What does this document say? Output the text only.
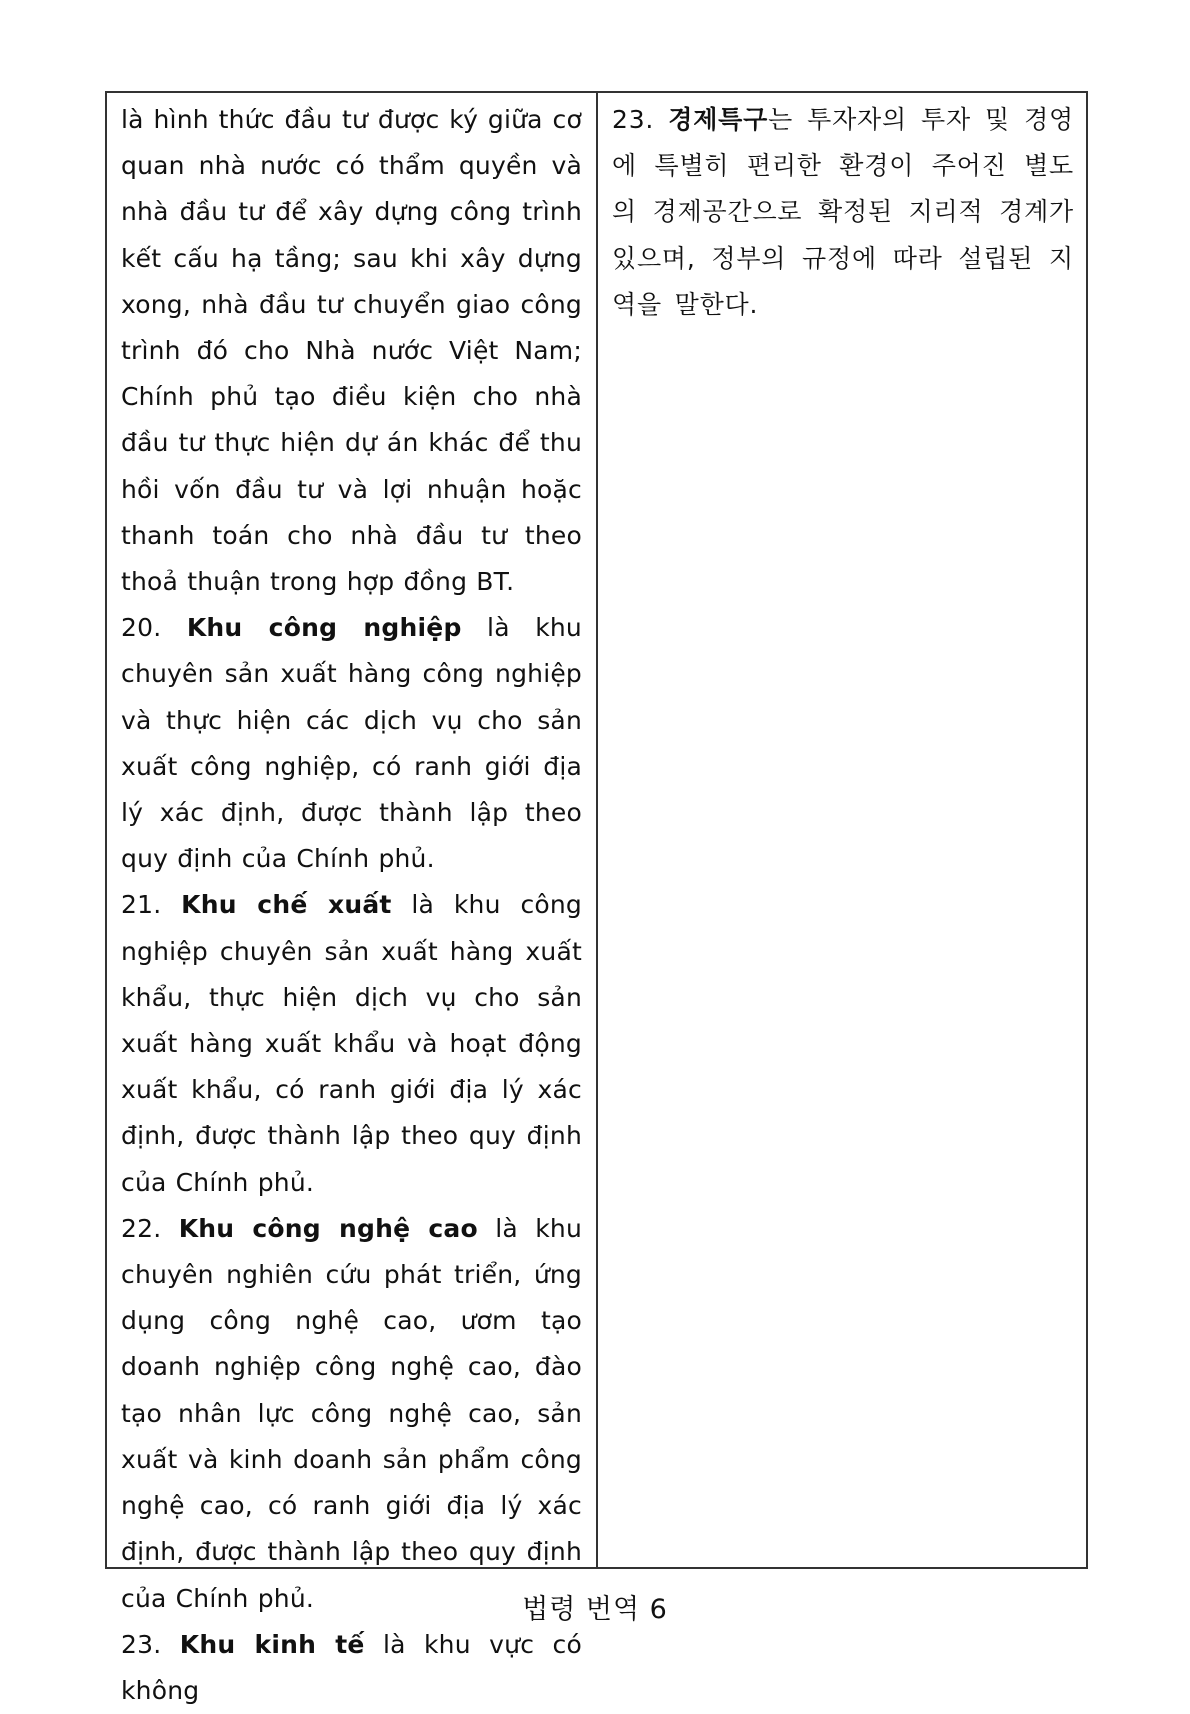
là hình thức đầu tư được ký giữa cơ quan nhà nước có thẩm quyền và nhà đầu tư để xây dựng công trình kết cấu hạ tầng; sau khi xây dựng xong, nhà đầu tư chuyển giao công trình đó cho Nhà nước Việt Nam; Chính phủ tạo điều kiện cho nhà đầu tư thực hiện dự án khác để thu hồi vốn đầu tư và lợi nhuận hoặc thanh toán cho nhà đầu tư theo thoả thuận trong hợp đồng BT.

20. Khu công nghiệp là khu chuyên sản xuất hàng công nghiệp và thực hiện các dịch vụ cho sản xuất công nghiệp, có ranh giới địa lý xác định, được thành lập theo quy định của Chính phủ.

21. Khu chế xuất là khu công nghiệp chuyên sản xuất hàng xuất khẩu, thực hiện dịch vụ cho sản xuất hàng xuất khẩu và hoạt động xuất khẩu, có ranh giới địa lý xác định, được thành lập theo quy định của Chính phủ.

22. Khu công nghệ cao là khu chuyên nghiên cứu phát triển, ứng dụng công nghệ cao, ươm tạo doanh nghiệp công nghệ cao, đào tạo nhân lực công nghệ cao, sản xuất và kinh doanh sản phẩm công nghệ cao, có ranh giới địa lý xác định, được thành lập theo quy định của Chính phủ.

23. Khu kinh tế là khu vực có không

23. 경제특구는 투자자의 투자 및 경영에 특별히 편리한 환경이 주어진 별도의 경제공간으로 확정된 지리적 경계가 있으며, 정부의 규정에 따라 설립된 지역을 말한다.

법령 번역 6
